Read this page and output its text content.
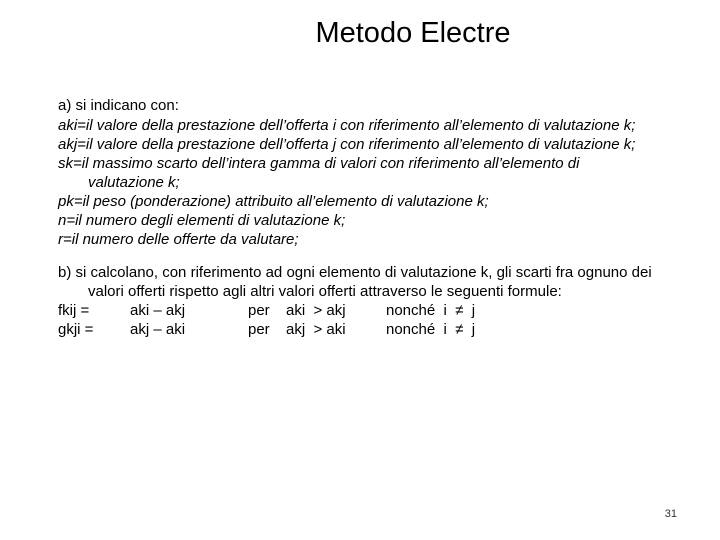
Metodo Electre

a) si indicano con:

aki=il valore della prestazione dell’offerta i con riferimento all’elemento di valutazione k;

akj=il valore della prestazione dell’offerta j con riferimento all’elemento di valutazione k;

sk=il massimo scarto dell’intera gamma di valori con riferimento all’elemento di valutazione k;

pk=il peso (ponderazione) attribuito all’elemento di valutazione k;

n=il numero degli elementi di valutazione k;

r=il numero delle offerte da valutare;

b) si calcolano, con riferimento ad ogni elemento di valutazione k, gli scarti fra ognuno dei valori offerti rispetto agli altri valori offerti attraverso le seguenti formule:

fkij =	aki – akj	per	aki  > akj	nonché  i  ≠  j
gkji =	akj – aki	per	akj  > aki	nonché  i  ≠  j
31
